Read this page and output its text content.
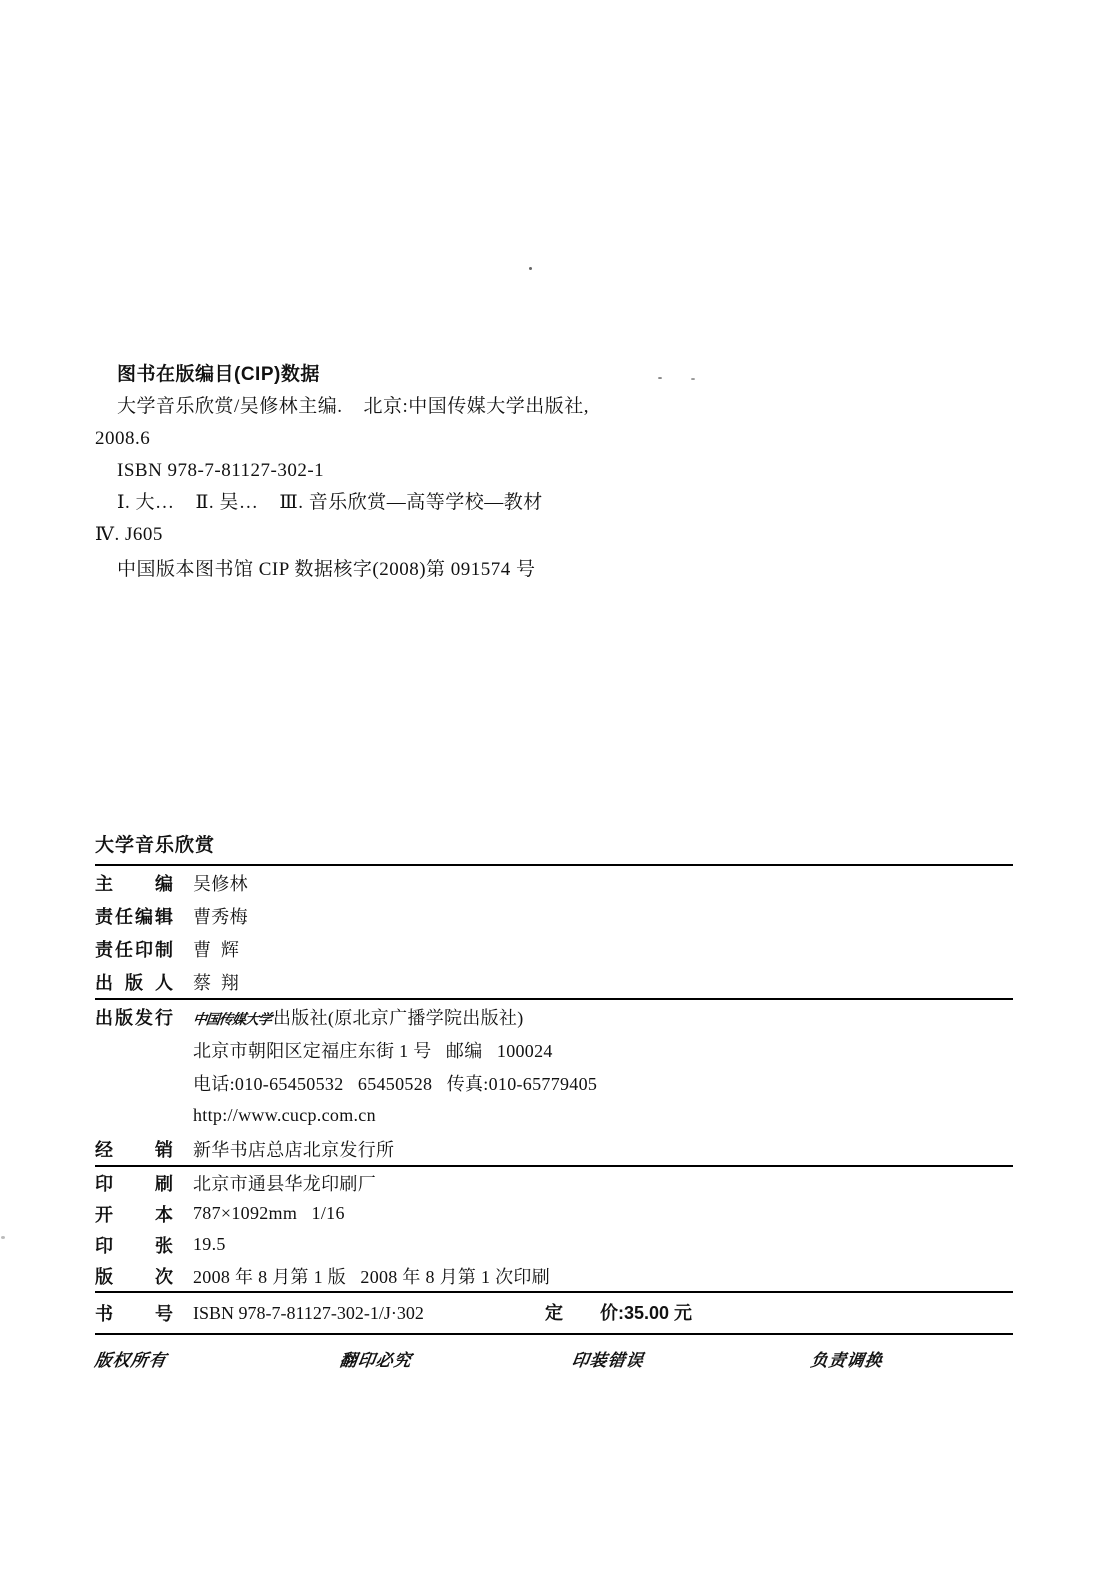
图书在版编目(CIP)数据

大学音乐欣赏/吴修林主编.    北京:中国传媒大学出版社,

2008.6

ISBN 978-7-81127-302-1

Ⅰ. 大…    Ⅱ. 吴…    Ⅲ. 音乐欣赏—高等学校—教材

Ⅳ. J605

中国版本图书馆 CIP 数据核字(2008)第 091574 号

大学音乐欣赏
主 编 吴修林
责任编辑 曹秀梅
责任印制 曹  辉
出 版 人 蔡  翔
出版发行 中国传媒大学出版社(原北京广播学院出版社)
北京市朝阳区定福庄东街 1 号   邮编   100024
电话:010-65450532   65450528   传真:010-65779405
http://www.cucp.com.cn
经 销 新华书店总店北京发行所
印 刷 北京市通县华龙印刷厂
开 本 787×1092mm   1/16
印 张 19.5
版 次 2008 年 8 月第 1 版   2008 年 8 月第 1 次印刷
书 号 ISBN 978-7-81127-302-1/J·302	定 价:35.00 元
版权所有	翻印必究	印装错误	负责调换
